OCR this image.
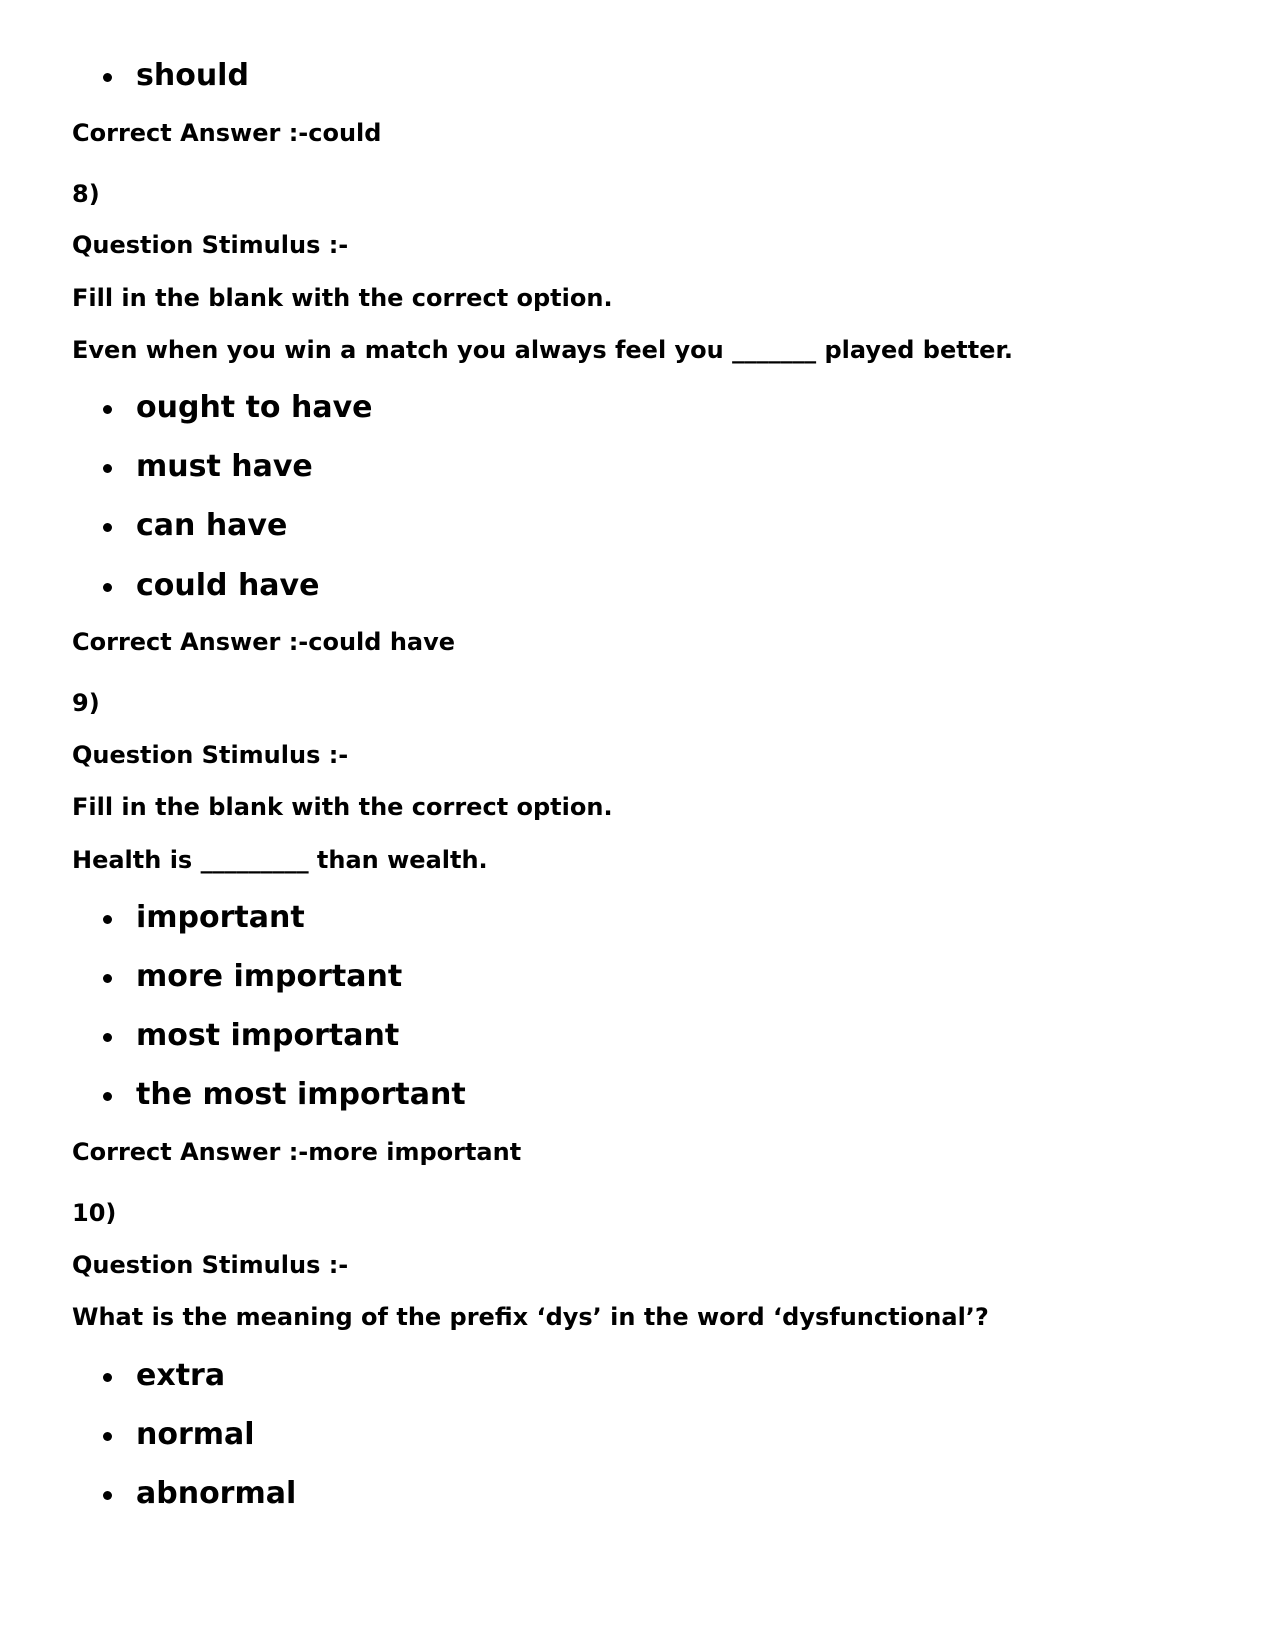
should
Correct Answer :-could
8)
Question Stimulus :-
Fill in the blank with the correct option.
Even when you win a match you always feel you _______ played better.
ought to have
must have
can have
could have
Correct Answer :-could have
9)
Question Stimulus :-
Fill in the blank with the correct option.
Health is _________ than wealth.
important
more important
most important
the most important
Correct Answer :-more important
10)
Question Stimulus :-
What is the meaning of the prefix ‘dys’ in the word ‘dysfunctional’?
extra
normal
abnormal
